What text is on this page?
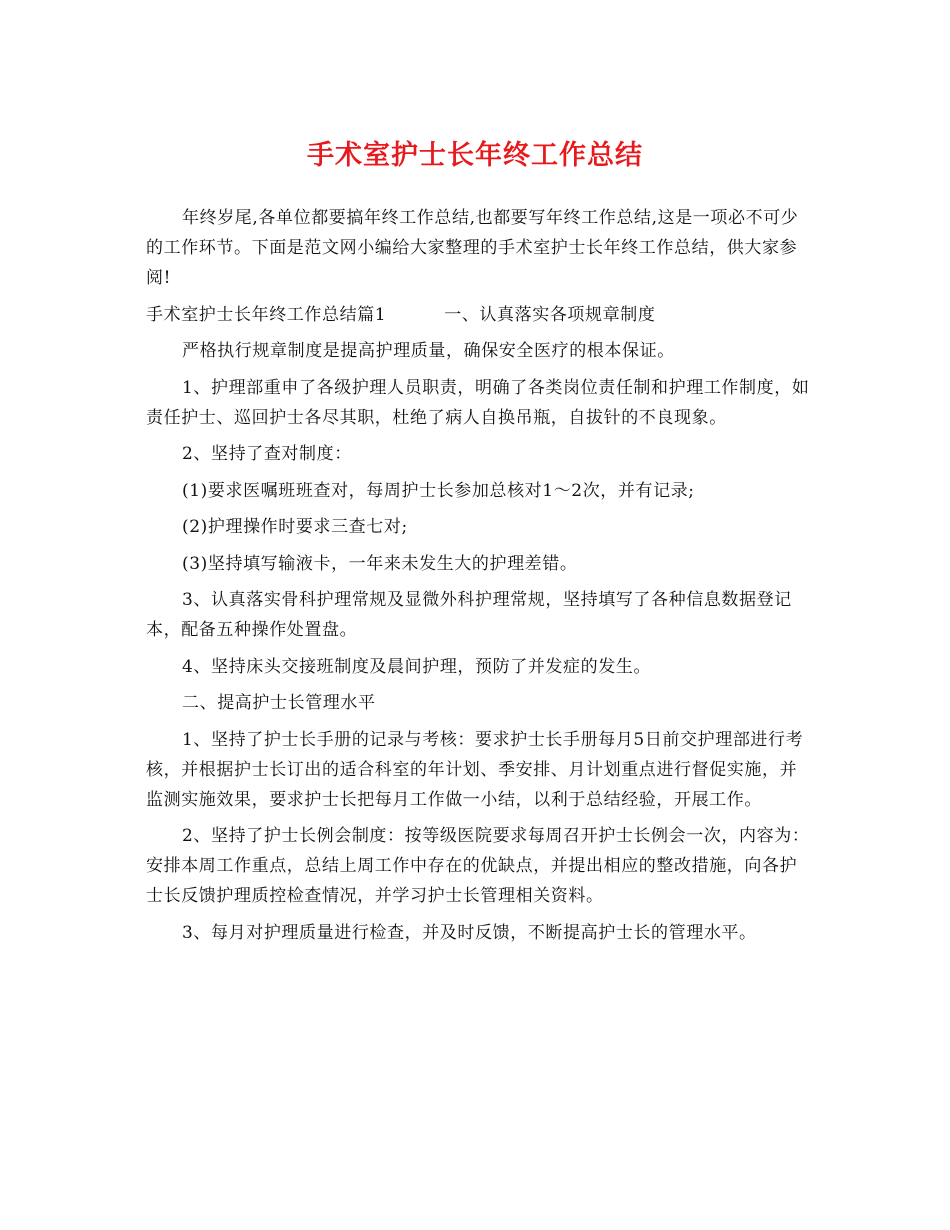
手术室护士长年终工作总结

年终岁尾,各单位都要搞年终工作总结,也都要写年终工作总结,这是一项必不可少的工作环节。下面是范文网小编给大家整理的手术室护士长年终工作总结，供大家参阅!

手术室护士长年终工作总结篇1	一、认真落实各项规章制度

严格执行规章制度是提高护理质量，确保安全医疗的根本保证。

1、护理部重申了各级护理人员职责，明确了各类岗位责任制和护理工作制度，如责任护士、巡回护士各尽其职，杜绝了病人自换吊瓶，自拔针的不良现象。

2、坚持了查对制度：

(1)要求医嘱班班查对，每周护士长参加总核对1～2次，并有记录;

(2)护理操作时要求三查七对;

(3)坚持填写输液卡，一年来未发生大的护理差错。

3、认真落实骨科护理常规及显微外科护理常规，坚持填写了各种信息数据登记本，配备五种操作处置盘。

4、坚持床头交接班制度及晨间护理，预防了并发症的发生。

二、提高护士长管理水平

1、坚持了护士长手册的记录与考核：要求护士长手册每月5日前交护理部进行考核，并根据护士长订出的适合科室的年计划、季安排、月计划重点进行督促实施，并监测实施效果，要求护士长把每月工作做一小结，以利于总结经验，开展工作。

2、坚持了护士长例会制度：按等级医院要求每周召开护士长例会一次，内容为：安排本周工作重点，总结上周工作中存在的优缺点，并提出相应的整改措施，向各护士长反馈护理质控检查情况，并学习护士长管理相关资料。

3、每月对护理质量进行检查，并及时反馈，不断提高护士长的管理水平。
